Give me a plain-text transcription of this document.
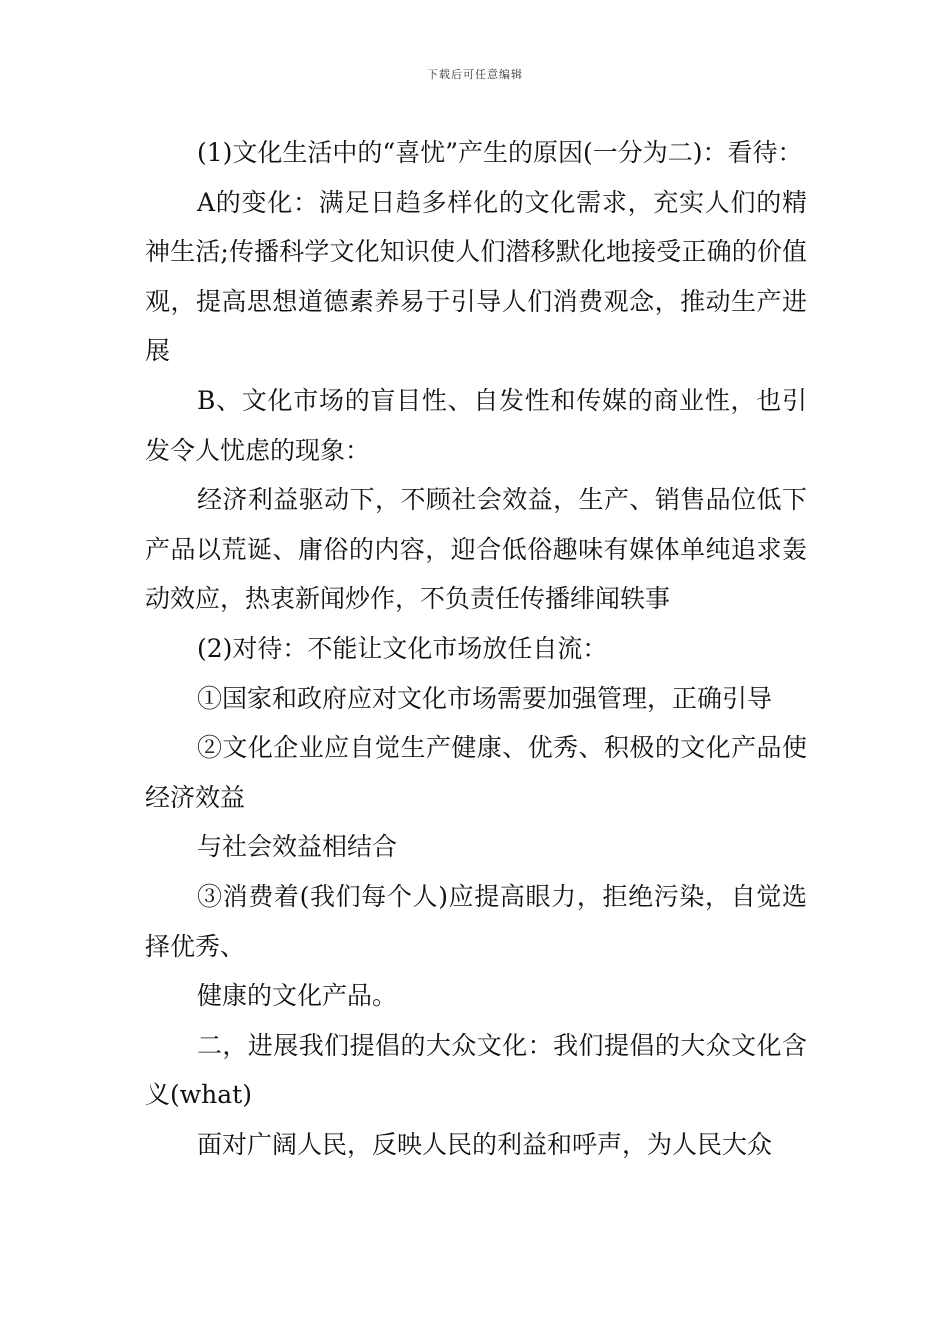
下载后可任意编辑

(1)文化生活中的“喜忧”产生的原因(一分为二)：看待：

A的变化：满足日趋多样化的文化需求，充实人们的精神生活;传播科学文化知识使人们潜移默化地接受正确的价值观，提高思想道德素养易于引导人们消费观念，推动生产进展

B、文化市场的盲目性、自发性和传媒的商业性，也引发令人忧虑的现象：

经济利益驱动下，不顾社会效益，生产、销售品位低下产品以荒诞、庸俗的内容，迎合低俗趣味有媒体单纯追求轰动效应，热衷新闻炒作，不负责任传播绯闻轶事

(2)对待：不能让文化市场放任自流：

①国家和政府应对文化市场需要加强管理，正确引导

②文化企业应自觉生产健康、优秀、积极的文化产品使经济效益

与社会效益相结合

③消费着(我们每个人)应提高眼力，拒绝污染，自觉选择优秀、

健康的文化产品。

二，进展我们提倡的大众文化：我们提倡的大众文化含义(what)

面对广阔人民，反映人民的利益和呼声，为人民大众
